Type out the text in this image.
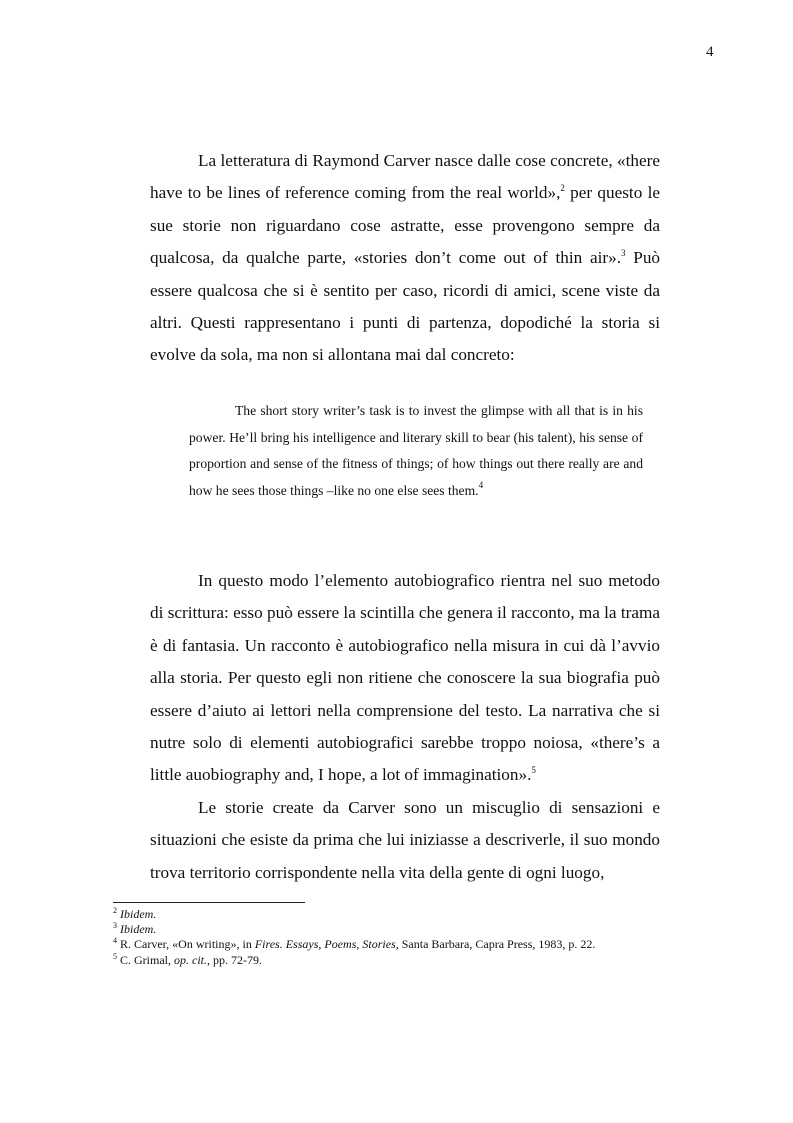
4

La letteratura di Raymond Carver nasce dalle cose concrete, «there have to be lines of reference coming from the real world»,$^2$ per questo le sue storie non riguardano cose astratte, esse provengono sempre da qualcosa, da qualche parte, «stories don’t come out of thin air».$^3$ Può essere qualcosa che si è sentito per caso, ricordi di amici, scene viste da altri. Questi rappresentano i punti di partenza, dopodiché la storia si evolve da sola, ma non si allontana mai dal concreto:

The short story writer’s task is to invest the glimpse with all that is in his power. He’ll bring his intelligence and literary skill to bear (his talent), his sense of proportion and sense of the fitness of things; of how things out there really are and how he sees those things –like no one else sees them.$^4$

In questo modo l’elemento autobiografico rientra nel suo metodo di scrittura: esso può essere la scintilla che genera il racconto, ma la trama è di fantasia. Un racconto è autobiografico nella misura in cui dà l’avvio alla storia. Per questo egli non ritiene che conoscere la sua biografia può essere d’aiuto ai lettori nella comprensione del testo. La narrativa che si nutre solo di elementi autobiografici sarebbe troppo noiosa, «there’s a little auobiography and, I hope, a lot of immagination».$^5$

Le storie create da Carver sono un miscuglio di sensazioni e situazioni che esiste da prima che lui iniziasse a descriverle, il suo mondo trova territorio corrispondente nella vita della gente di ogni luogo,

$^2$ Ibidem.
$^3$ Ibidem.
$^4$ R. Carver, «On writing», in Fires. Essays, Poems, Stories, Santa Barbara, Capra Press, 1983, p. 22.
$^5$ C. Grimal, op. cit., pp. 72-79.
